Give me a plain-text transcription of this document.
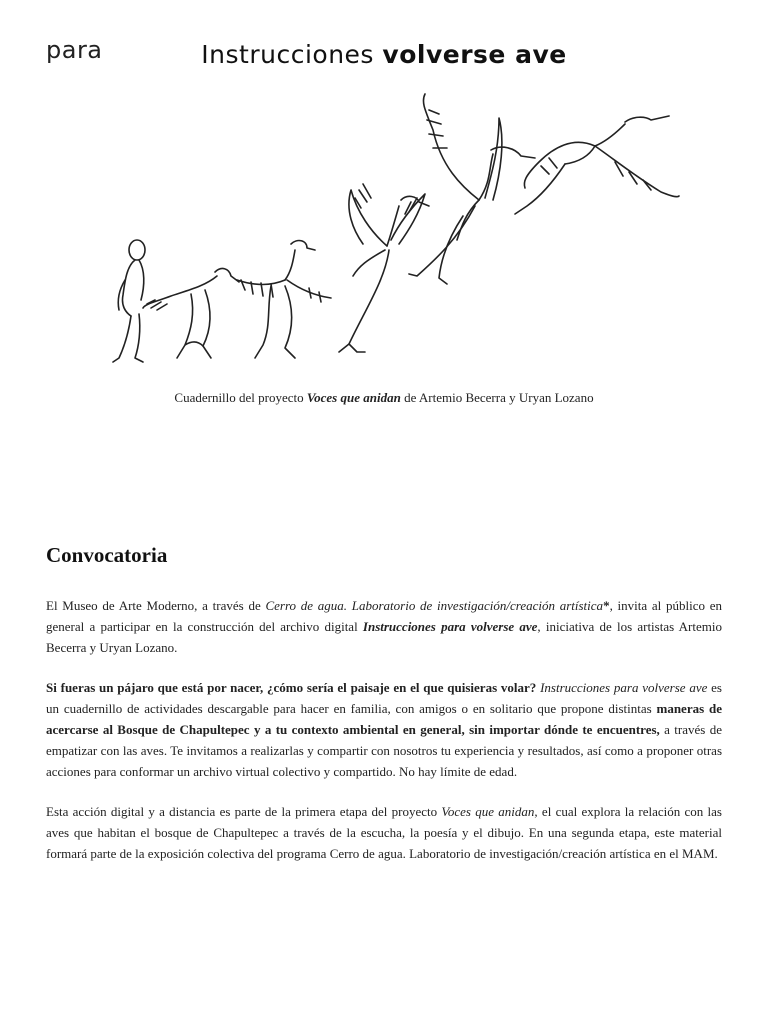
Instrucciones
para	volverse ave
Cuadernillo del proyecto Voces que anidan de Artemio Becerra y Uryan Lozano
Convocatoria
El Museo de Arte Moderno, a través de Cerro de agua. Laboratorio de investigación/creación artística*, invita al público en general a participar en la construcción del archivo digital Instrucciones para volverse ave, iniciativa de los artistas Artemio Becerra y Uryan Lozano.
Si fueras un pájaro que está por nacer, ¿cómo sería el paisaje en el que quisieras volar? Instrucciones para volverse ave es un cuadernillo de actividades descargable para hacer en familia, con amigos o en solitario que propone distintas maneras de acercarse al Bosque de Chapultepec y a tu contexto ambiental en general, sin importar dónde te encuentres, a través de empatizar con las aves. Te invitamos a realizarlas y compartir con nosotros tu experiencia y resultados, así como a proponer otras acciones para conformar un archivo virtual colectivo y compartido. No hay límite de edad.
Esta acción digital y a distancia es parte de la primera etapa del proyecto Voces que anidan, el cual explora la relación con las aves que habitan el bosque de Chapultepec a través de la escucha, la poesía y el dibujo. En una segunda etapa, este material formará parte de la exposición colectiva del programa Cerro de agua. Laboratorio de investigación/creación artística en el MAM.
